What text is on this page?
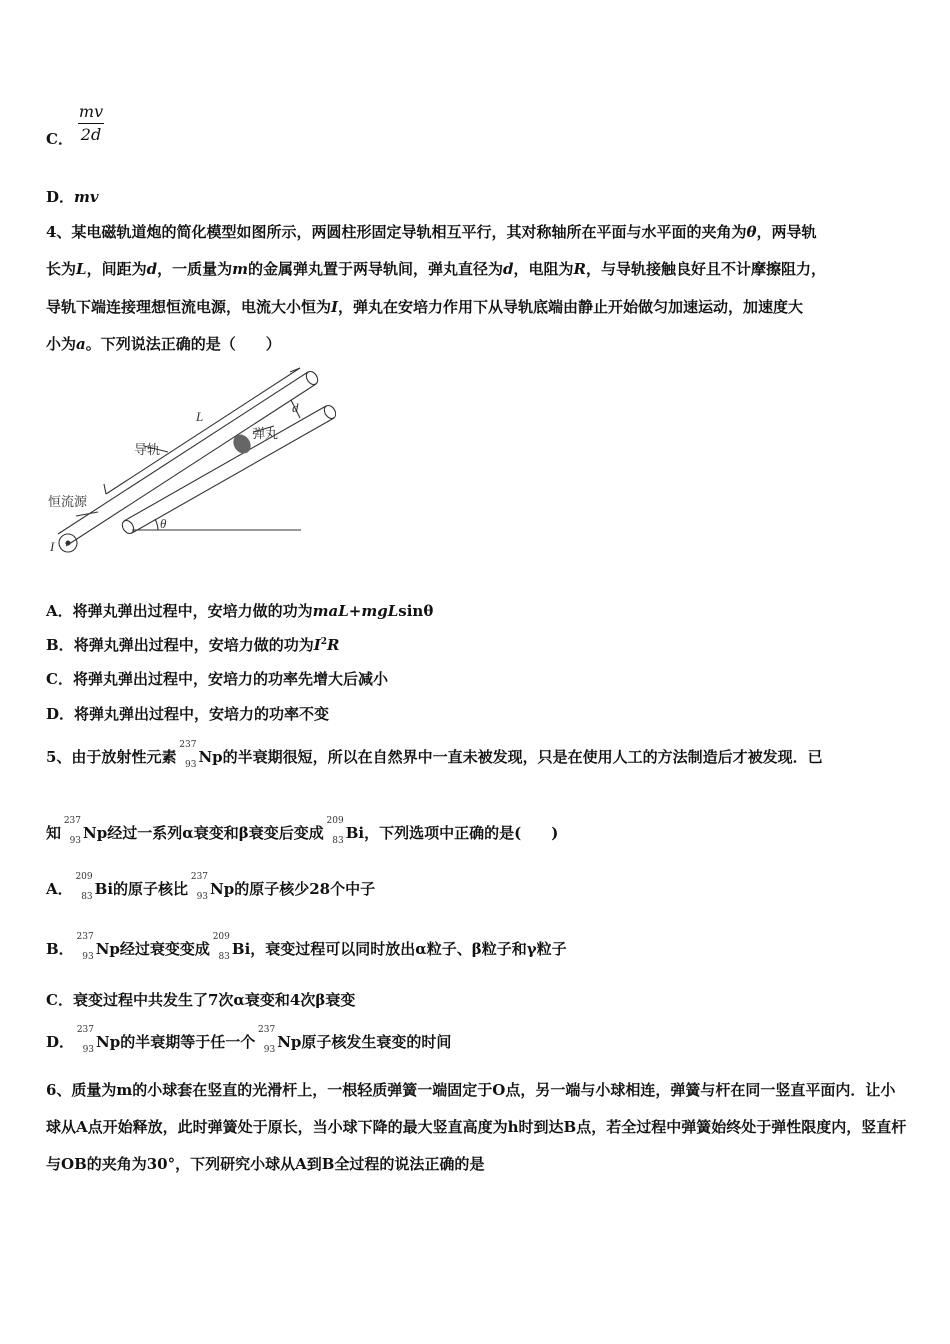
C．
mv
2d
D．mv
4、某电磁轨道炮的简化模型如图所示，两圆柱形固定导轨相互平行，其对称轴所在平面与水平面的夹角为θ，两导轨
长为L，间距为d，一质量为m的金属弹丸置于两导轨间，弹丸直径为d，电阻为R，与导轨接触良好且不计摩擦阻力，
导轨下端连接理想恒流电源，电流大小恒为I，弹丸在安培力作用下从导轨底端由静止开始做匀加速运动，加速度大
小为a。下列说法正确的是（　　）
L
d
导轨
弹丸
恒流源
I
θ
A．将弹丸弹出过程中，安培力做的功为maL+mgLsinθ
B．将弹丸弹出过程中，安培力做的功为$I^2R$
C．将弹丸弹出过程中，安培力的功率先增大后减小
D．将弹丸弹出过程中，安培力的功率不变
5、由于放射性元素
237
93 Np的半衰期很短，所以在自然界中一直未被发现，只是在使用人工的方法制造后才被发现．已
知
237
93 Np经过一系列α衰变和β衰变后变成
209
83 Bi，下列选项中正确的是(　　)
A．
209
83 Bi的原子核比
237
93 Np的原子核少28个中子
B．
237
93 Np经过衰变变成
209
83 Bi，衰变过程可以同时放出α粒子、β粒子和γ粒子
C．衰变过程中共发生了7次α衰变和4次β衰变
D．
237
93 Np的半衰期等于任一个
237
93 Np原子核发生衰变的时间
6、质量为m的小球套在竖直的光滑杆上，一根轻质弹簧一端固定于O点，另一端与小球相连，弹簧与杆在同一竖直平面内．让小球从A点开始释放，此时弹簧处于原长，当小球下降的最大竖直高度为h时到达B点，若全过程中弹簧始终处于弹性限度内，竖直杆与OB的夹角为30°，下列研究小球从A到B全过程的说法正确的是
